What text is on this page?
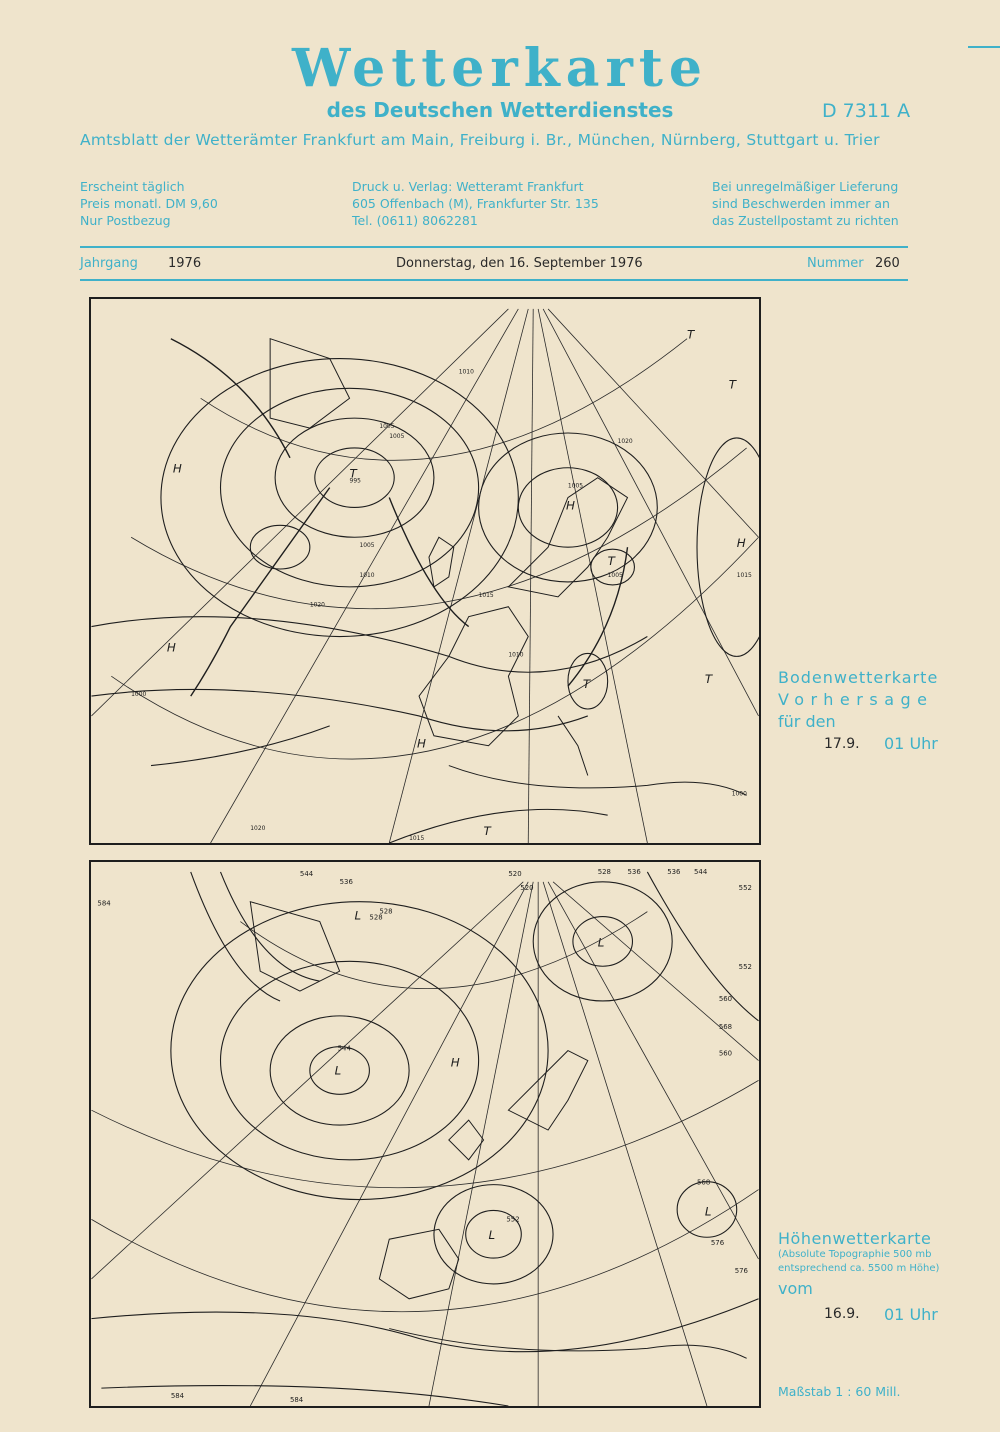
Wetterkarte
des Deutschen Wetterdienstes	D 7311 A
Amtsblatt der Wetterämter Frankfurt am Main, Freiburg i. Br., München, Nürnberg, Stuttgart u. Trier
Erscheint täglich
Preis monatl. DM 9,60
Nur Postbezug
Druck u. Verlag: Wetteramt Frankfurt
605 Offenbach (M), Frankfurter Str. 135
Tel. (0611) 8062281
Bei unregelmäßiger Lieferung
sind Beschwerden immer an
das Zustellpostamt zu richten
Jahrgang 1976	Donnerstag, den 16. September 1976	Nummer 260
1000
1005
1010
1015
1020
1005
1010
995
1005
1020
1015
1015
1000
1005
1010
1005
1020
H
H
H
H
T
T
T
T
T	T
H
T
Bodenwetterkarte
Vorhersage
für den
17.9. 01 Uhr
544
536
528
520
520
528	536 544
552
552
560
568
576
584
584	584
568
576
552
544
528
536
560
L
L
L
L
L
H
Höhenwetterkarte
(Absolute Topographie 500 mb
entsprechend ca. 5500 m Höhe)
vom
16.9. 01 Uhr
Maßstab 1 : 60 Mill.
